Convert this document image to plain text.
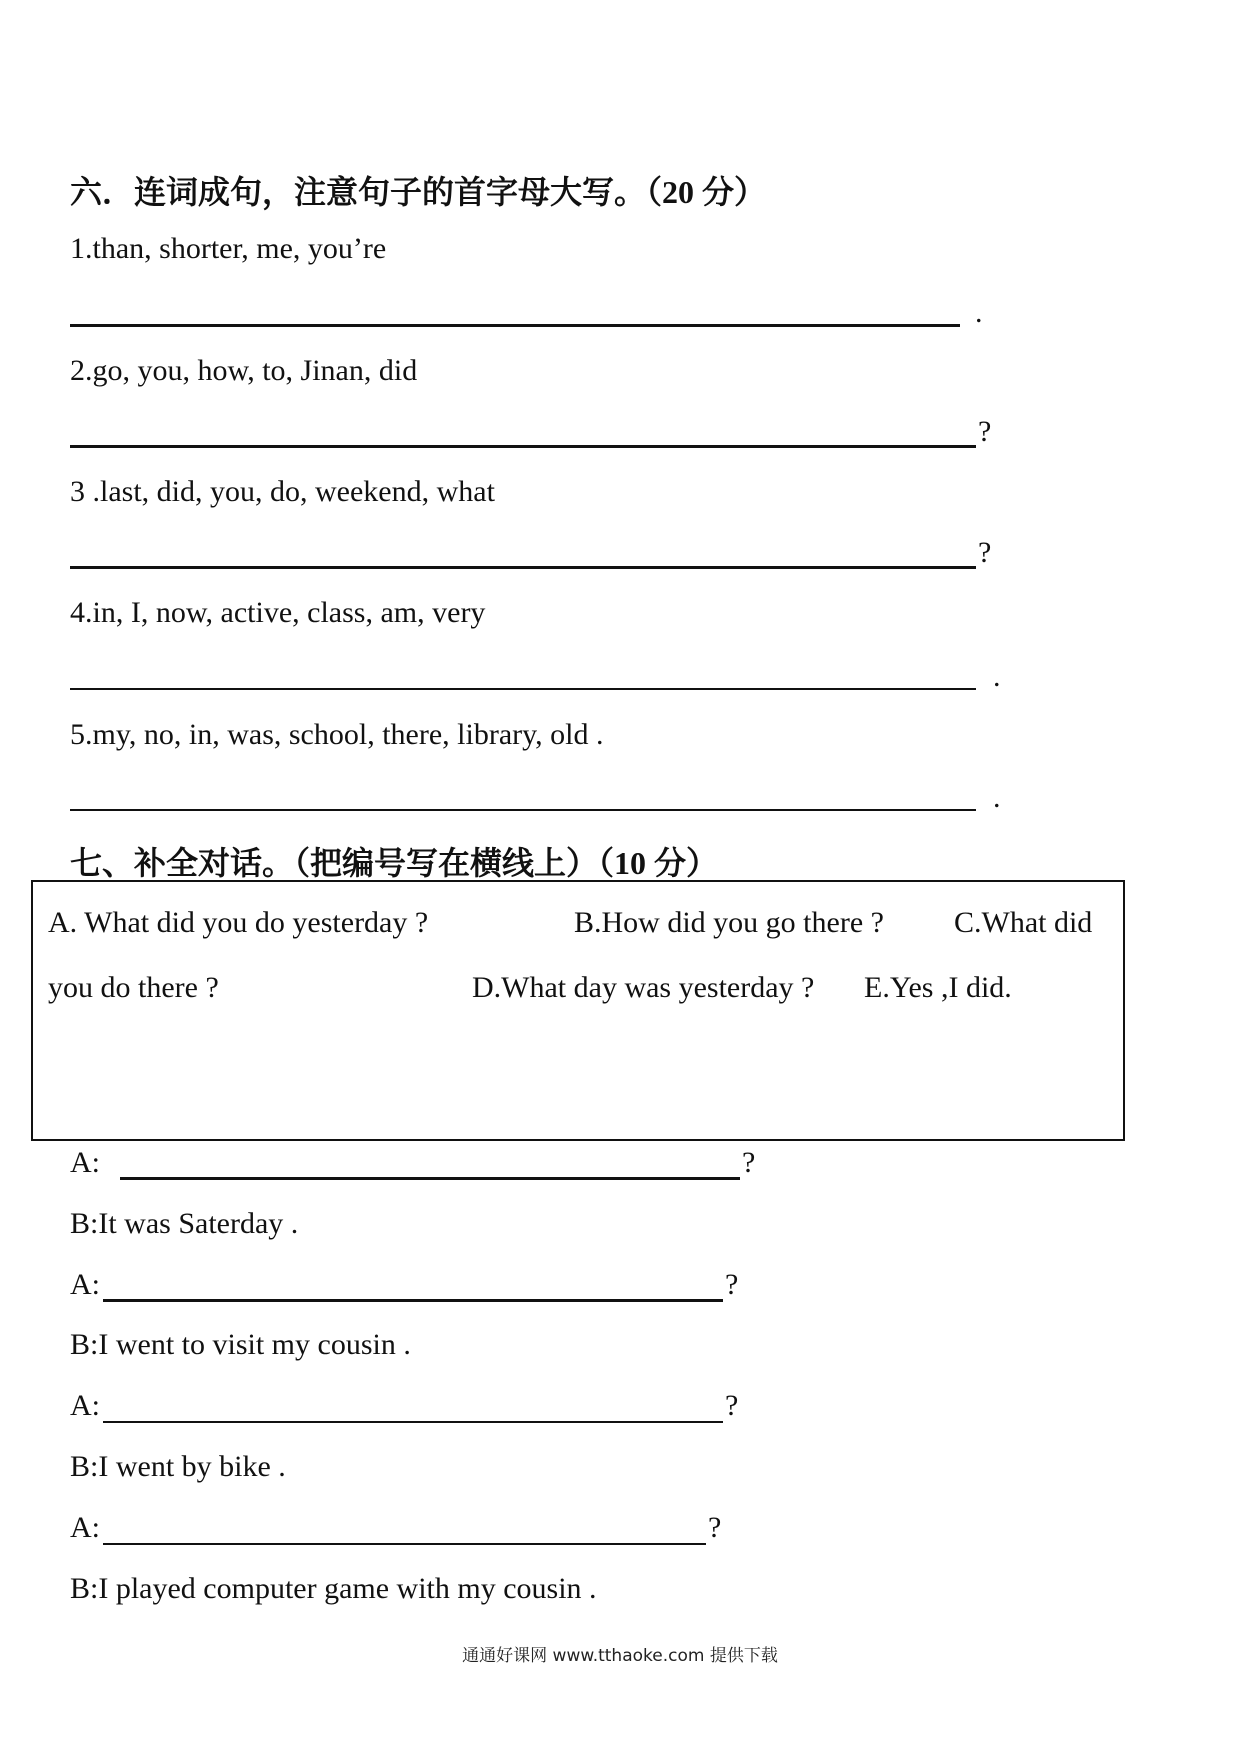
六．连词成句，注意句子的首字母大写。（20 分）
1.than, shorter, me, you’re
.
2.go, you, how, to, Jinan, did
?
3 .last, did, you, do, weekend, what
?
4.in, I, now, active, class, am, very
.
5.my, no, in, was, school, there, library, old .
.
七、补全对话。（把编号写在横线上）（10 分）
A. What did you do yesterday ?	B.How did you go there ? C.What did
you do there ?	D.What day was yesterday ? E.Yes ,I did.
A:	?
B:It was Saterday .
A:	?
B:I went to visit my cousin .
A:	?
B:I went by bike .
A:	?
B:I played computer game with my cousin .
通通好课网 www.tthaoke.com 提供下载
